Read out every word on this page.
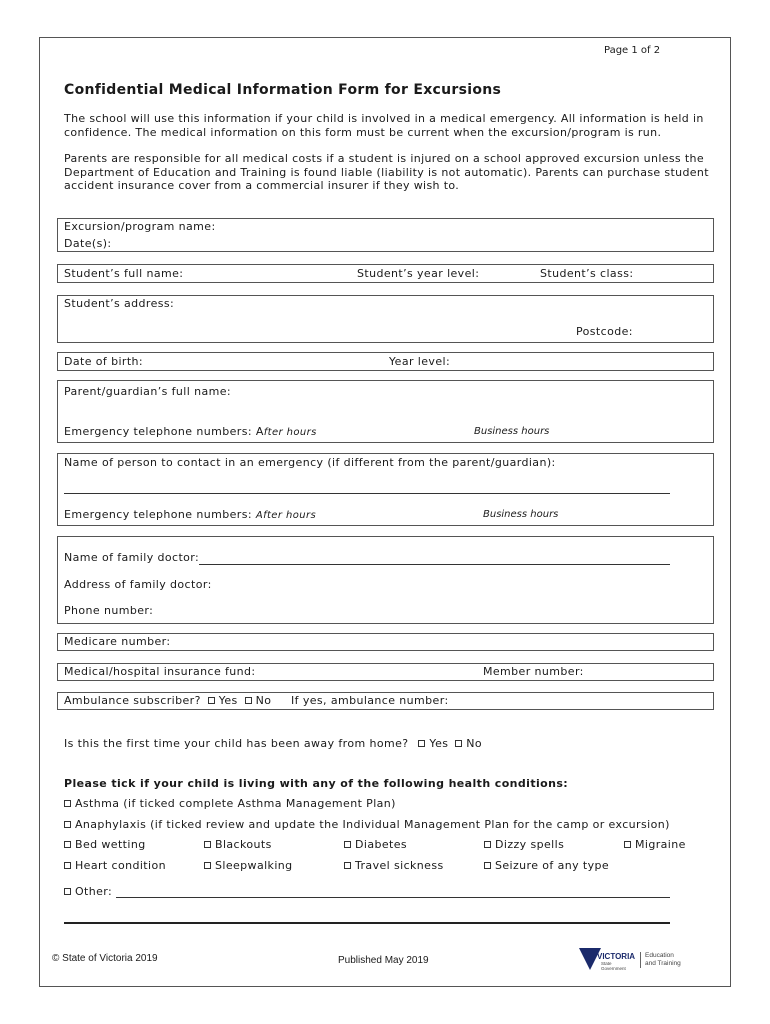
Page 1 of 2
Confidential Medical Information Form for Excursions
The school will use this information if your child is involved in a medical emergency. All information is held in confidence. The medical information on this form must be current when the excursion/program is run.
Parents are responsible for all medical costs if a student is injured on a school approved excursion unless the Department of Education and Training is found liable (liability is not automatic). Parents can purchase student accident insurance cover from a commercial insurer if they wish to.
Excursion/program name:
Date(s):
Student’s full name:	Student’s year level:	Student’s class:
Student’s address:
Postcode:
Date of birth:	Year level:
Parent/guardian’s full name:
Emergency telephone numbers: After hours	Business hours
Name of person to contact in an emergency (if different from the parent/guardian):
Emergency telephone numbers: After hours	Business hours
Name of family doctor:
Address of family doctor:
Phone number:
Medicare number:
Medical/hospital insurance fund:	Member number:
Ambulance subscriber? Yes No If yes, ambulance number:
Is this the first time your child has been away from home? Yes No
Please tick if your child is living with any of the following health conditions:
Asthma (if ticked complete Asthma Management Plan)
Anaphylaxis (if ticked review and update the Individual Management Plan for the camp or excursion)
Bed wetting	Blackouts	Diabetes	Dizzy spells	Migraine
Heart condition	Sleepwalking	Travel sickness	Seizure of any type
Other:
© State of Victoria 2019	Published May 2019	VICTORIA
State
Government
Education
and Training
